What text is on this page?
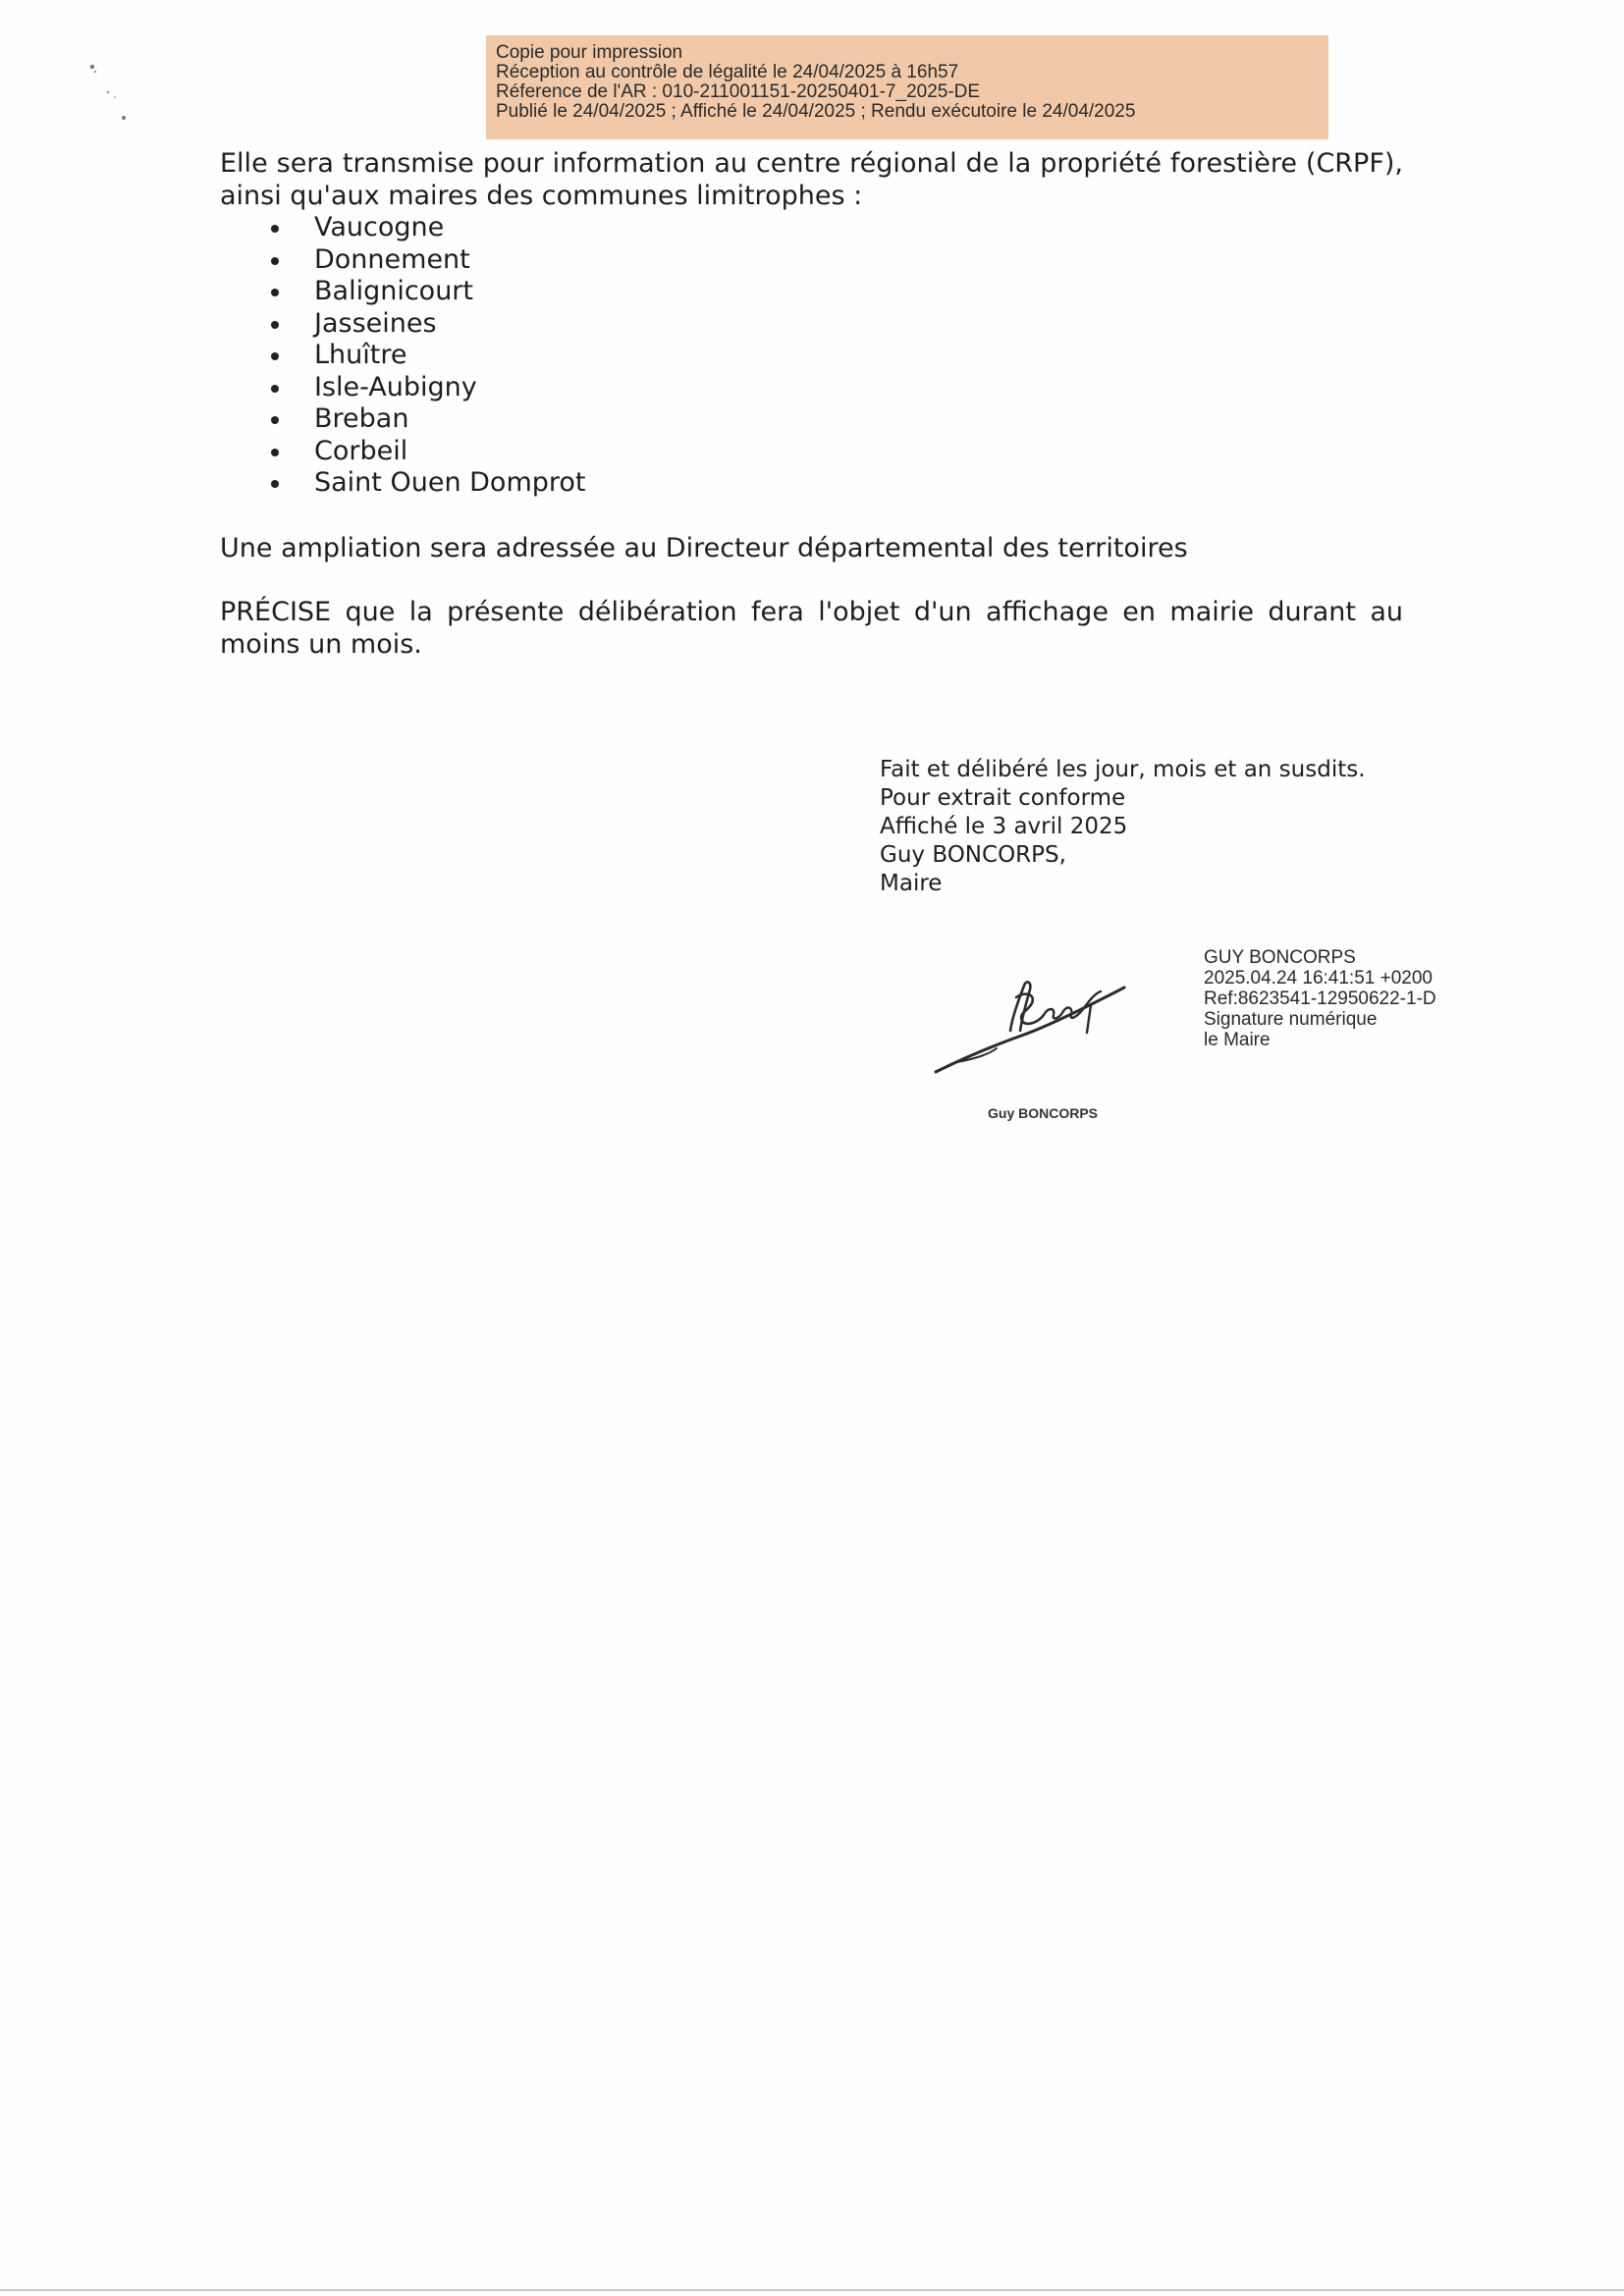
Copie pour impression
Réception au contrôle de légalité le 24/04/2025 à 16h57
Réference de l'AR : 010-211001151-20250401-7_2025-DE
Publié le 24/04/2025 ; Affiché le 24/04/2025 ; Rendu exécutoire le 24/04/2025

Elle sera transmise pour information au centre régional de la propriété forestière (CRPF), ainsi qu'aux maires des communes limitrophes :

Vaucogne
Donnement
Balignicourt
Jasseines
Lhuître
Isle-Aubigny
Breban
Corbeil
Saint Ouen Domprot

Une ampliation sera adressée au Directeur départemental des territoires

PRÉCISE que la présente délibération fera l'objet d'un affichage en mairie durant au moins un mois.

Fait et délibéré les jour, mois et an susdits.
Pour extrait conforme
Affiché le 3 avril 2025
Guy BONCORPS,
Maire
GUY BONCORPS
2025.04.24 16:41:51 +0200
Ref:8623541-12950622-1-D
Signature numérique
le Maire
Guy BONCORPS
